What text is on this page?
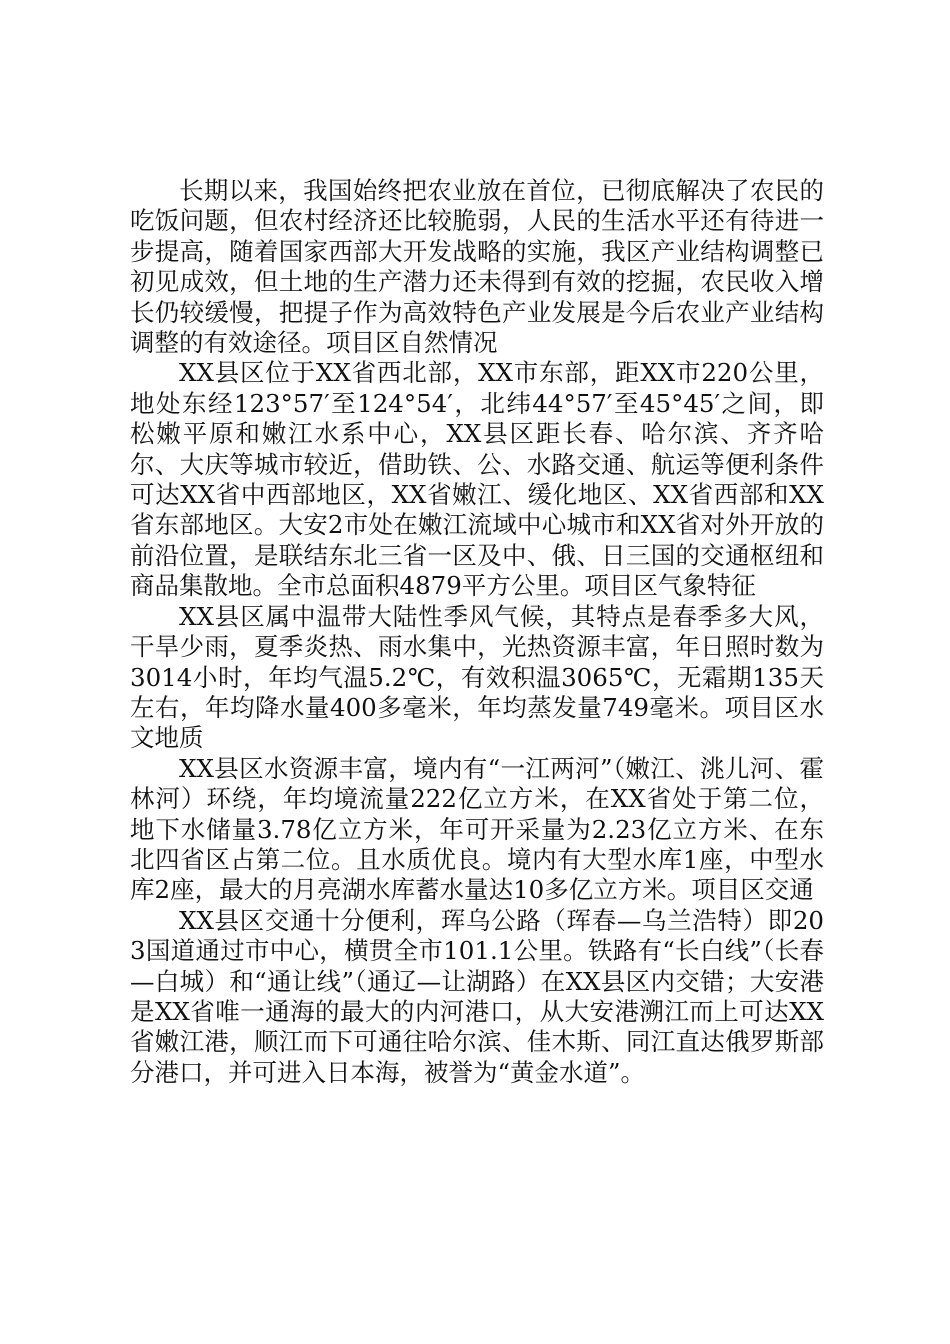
长期以来，我国始终把农业放在首位，已彻底解决了农民的吃饭问题，但农村经济还比较脆弱，人民的生活水平还有待进一步提高，随着国家西部大开发战略的实施，我区产业结构调整已初见成效，但土地的生产潜力还未得到有效的挖掘，农民收入增长仍较缓慢，把提子作为高效特色产业发展是今后农业产业结构调整的有效途径。项目区自然情况

XX县区位于XX省西北部，XX市东部，距XX市220公里，地处东经123°57′至124°54′，北纬44°57′至45°45′之间，即松嫩平原和嫩江水系中心，XX县区距长春、哈尔滨、齐齐哈尔、大庆等城市较近，借助铁、公、水路交通、航运等便利条件可达XX省中西部地区，XX省嫩江、缓化地区、XX省西部和XX省东部地区。大安2市处在嫩江流域中心城市和XX省对外开放的前沿位置，是联结东北三省一区及中、俄、日三国的交通枢纽和商品集散地。全市总面积4879平方公里。项目区气象特征

XX县区属中温带大陆性季风气候，其特点是春季多大风，干旱少雨，夏季炎热、雨水集中，光热资源丰富，年日照时数为3014小时，年均气温5.2℃，有效积温3065℃，无霜期135天左右，年均降水量400多毫米，年均蒸发量749毫米。项目区水文地质

XX县区水资源丰富，境内有“一江两河”（嫩江、洮儿河、霍林河）环绕，年均境流量222亿立方米，在XX省处于第二位，地下水储量3.78亿立方米，年可开采量为2.23亿立方米、在东北四省区占第二位。且水质优良。境内有大型水库1座，中型水库2座，最大的月亮湖水库蓄水量达10多亿立方米。项目区交通

XX县区交通十分便利，珲乌公路（珲春—乌兰浩特）即203国道通过市中心，横贯全市101.1公里。铁路有“长白线”（长春—白城）和“通让线”（通辽—让湖路）在XX县区内交错；大安港是XX省唯一通海的最大的内河港口，从大安港溯江而上可达XX省嫩江港，顺江而下可通往哈尔滨、佳木斯、同江直达俄罗斯部分港口，并可进入日本海，被誉为“黄金水道”。
